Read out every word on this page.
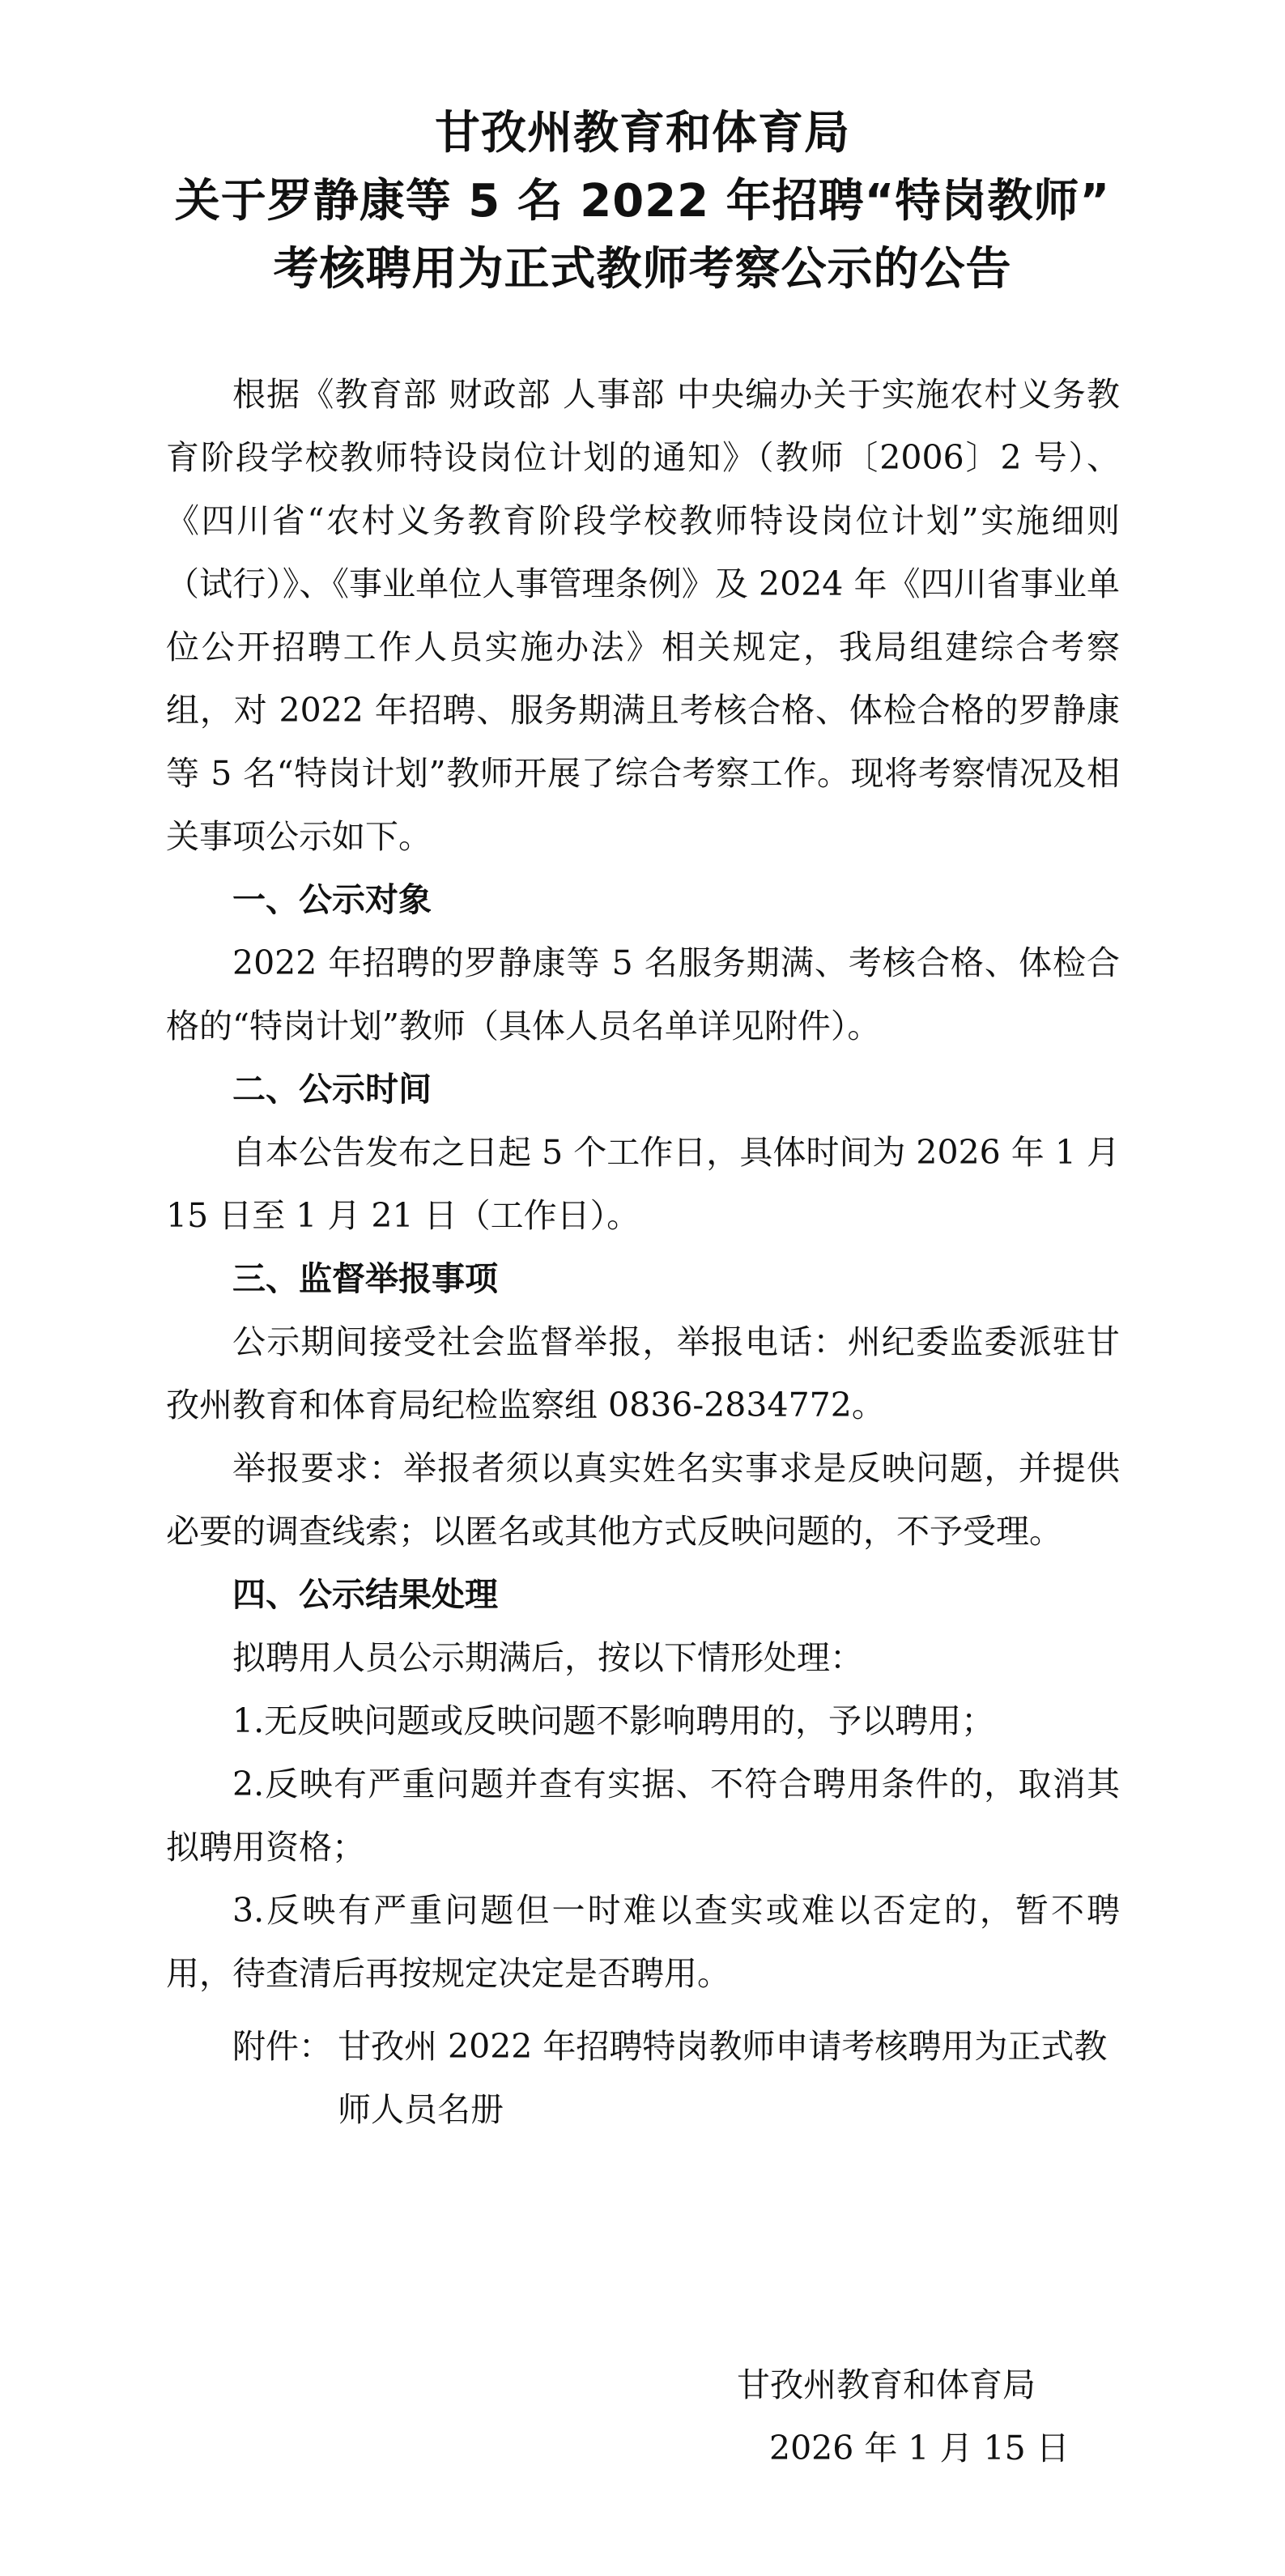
甘孜州教育和体育局
关于罗静康等 5 名 2022 年招聘“特岗教师”
考核聘用为正式教师考察公示的公告

根据《教育部 财政部 人事部 中央编办关于实施农村义务教育阶段学校教师特设岗位计划的通知》（教师〔2006〕2 号）、《四川省“农村义务教育阶段学校教师特设岗位计划”实施细则（试行）》、《事业单位人事管理条例》及 2024 年《四川省事业单位公开招聘工作人员实施办法》相关规定，我局组建综合考察组，对 2022 年招聘、服务期满且考核合格、体检合格的罗静康等 5 名“特岗计划”教师开展了综合考察工作。现将考察情况及相关事项公示如下。

一、公示对象

2022 年招聘的罗静康等 5 名服务期满、考核合格、体检合格的“特岗计划”教师（具体人员名单详见附件）。

二、公示时间

自本公告发布之日起 5 个工作日，具体时间为 2026 年 1 月 15 日至 1 月 21 日（工作日）。

三、监督举报事项

公示期间接受社会监督举报，举报电话：州纪委监委派驻甘孜州教育和体育局纪检监察组 0836-2834772。

举报要求：举报者须以真实姓名实事求是反映问题，并提供必要的调查线索；以匿名或其他方式反映问题的，不予受理。

四、公示结果处理

拟聘用人员公示期满后，按以下情形处理：

1.无反映问题或反映问题不影响聘用的，予以聘用；

2.反映有严重问题并查有实据、不符合聘用条件的，取消其拟聘用资格；

3.反映有严重问题但一时难以查实或难以否定的，暂不聘用，待查清后再按规定决定是否聘用。

附件： 甘孜州 2022 年招聘特岗教师申请考核聘用为正式教师人员名册
甘孜州教育和体育局
2026 年 1 月 15 日
